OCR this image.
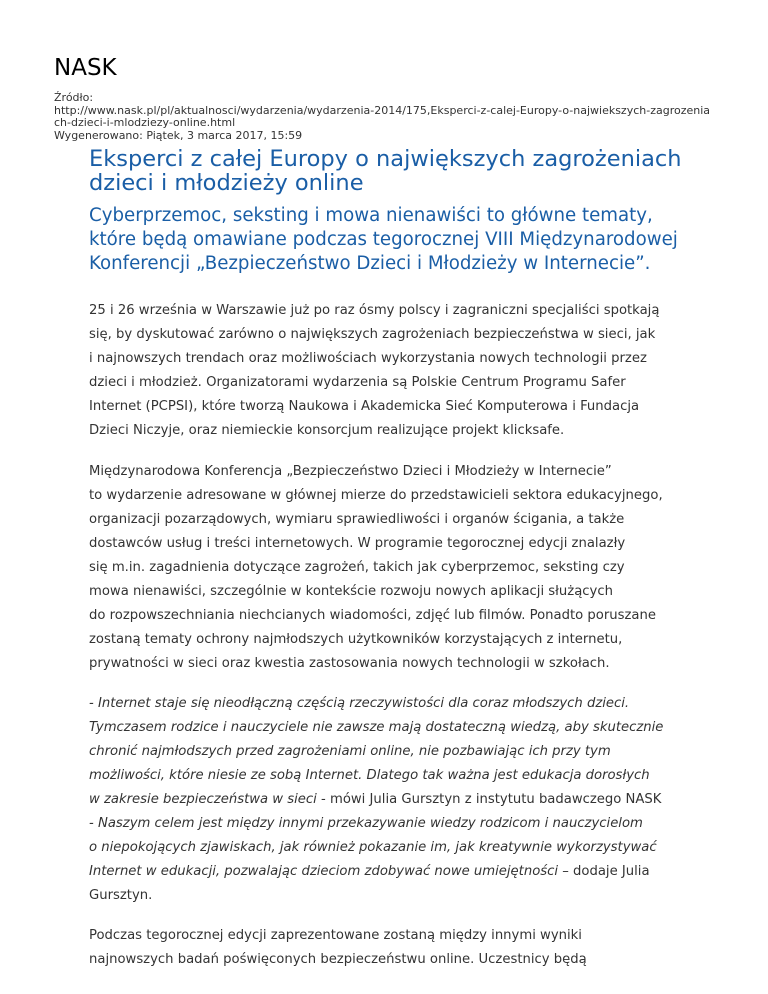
NASK
Źródło:
http://www.nask.pl/pl/aktualnosci/wydarzenia/wydarzenia-2014/175,Eksperci-z-calej-Europy-o-najwiekszych-zagrozenia
ch-dzieci-i-mlodziezy-online.html
Wygenerowano: Piątek, 3 marca 2017, 15:59
Eksperci z całej Europy o największych zagrożeniach
dzieci i młodzieży online
Cyberprzemoc, seksting i mowa nienawiści to główne tematy,
które będą omawiane podczas tegorocznej VIII Międzynarodowej
Konferencji „Bezpieczeństwo Dzieci i Młodzieży w Internecie”.

25 i 26 września w Warszawie już po raz ósmy polscy i zagraniczni specjaliści spotkają
się, by dyskutować zarówno o największych zagrożeniach bezpieczeństwa w sieci, jak
i najnowszych trendach oraz możliwościach wykorzystania nowych technologii przez
dzieci i młodzież. Organizatorami wydarzenia są Polskie Centrum Programu Safer
Internet (PCPSI), które tworzą Naukowa i Akademicka Sieć Komputerowa i Fundacja
Dzieci Niczyje, oraz niemieckie konsorcjum realizujące projekt klicksafe.

Międzynarodowa Konferencja „Bezpieczeństwo Dzieci i Młodzieży w Internecie”
to wydarzenie adresowane w głównej mierze do przedstawicieli sektora edukacyjnego,
organizacji pozarządowych, wymiaru sprawiedliwości i organów ścigania, a także
dostawców usług i treści internetowych. W programie tegorocznej edycji znalazły
się m.in. zagadnienia dotyczące zagrożeń, takich jak cyberprzemoc, seksting czy
mowa nienawiści, szczególnie w kontekście rozwoju nowych aplikacji służących
do rozpowszechniania niechcianych wiadomości, zdjęć lub filmów. Ponadto poruszane
zostaną tematy ochrony najmłodszych użytkowników korzystających z internetu,
prywatności w sieci oraz kwestia zastosowania nowych technologii w szkołach.

- Internet staje się nieodłączną częścią rzeczywistości dla coraz młodszych dzieci.
Tymczasem rodzice i nauczyciele nie zawsze mają dostateczną wiedzą, aby skutecznie
chronić najmłodszych przed zagrożeniami online, nie pozbawiając ich przy tym
możliwości, które niesie ze sobą Internet. Dlatego tak ważna jest edukacja dorosłych
w zakresie bezpieczeństwa w sieci - mówi Julia Gursztyn z instytutu badawczego NASK
- Naszym celem jest między innymi przekazywanie wiedzy rodzicom i nauczycielom
o niepokojących zjawiskach, jak również pokazanie im, jak kreatywnie wykorzystywać
Internet w edukacji, pozwalając dzieciom zdobywać nowe umiejętności – dodaje Julia
Gursztyn.

Podczas tegorocznej edycji zaprezentowane zostaną między innymi wyniki
najnowszych badań poświęconych bezpieczeństwu online. Uczestnicy będą
